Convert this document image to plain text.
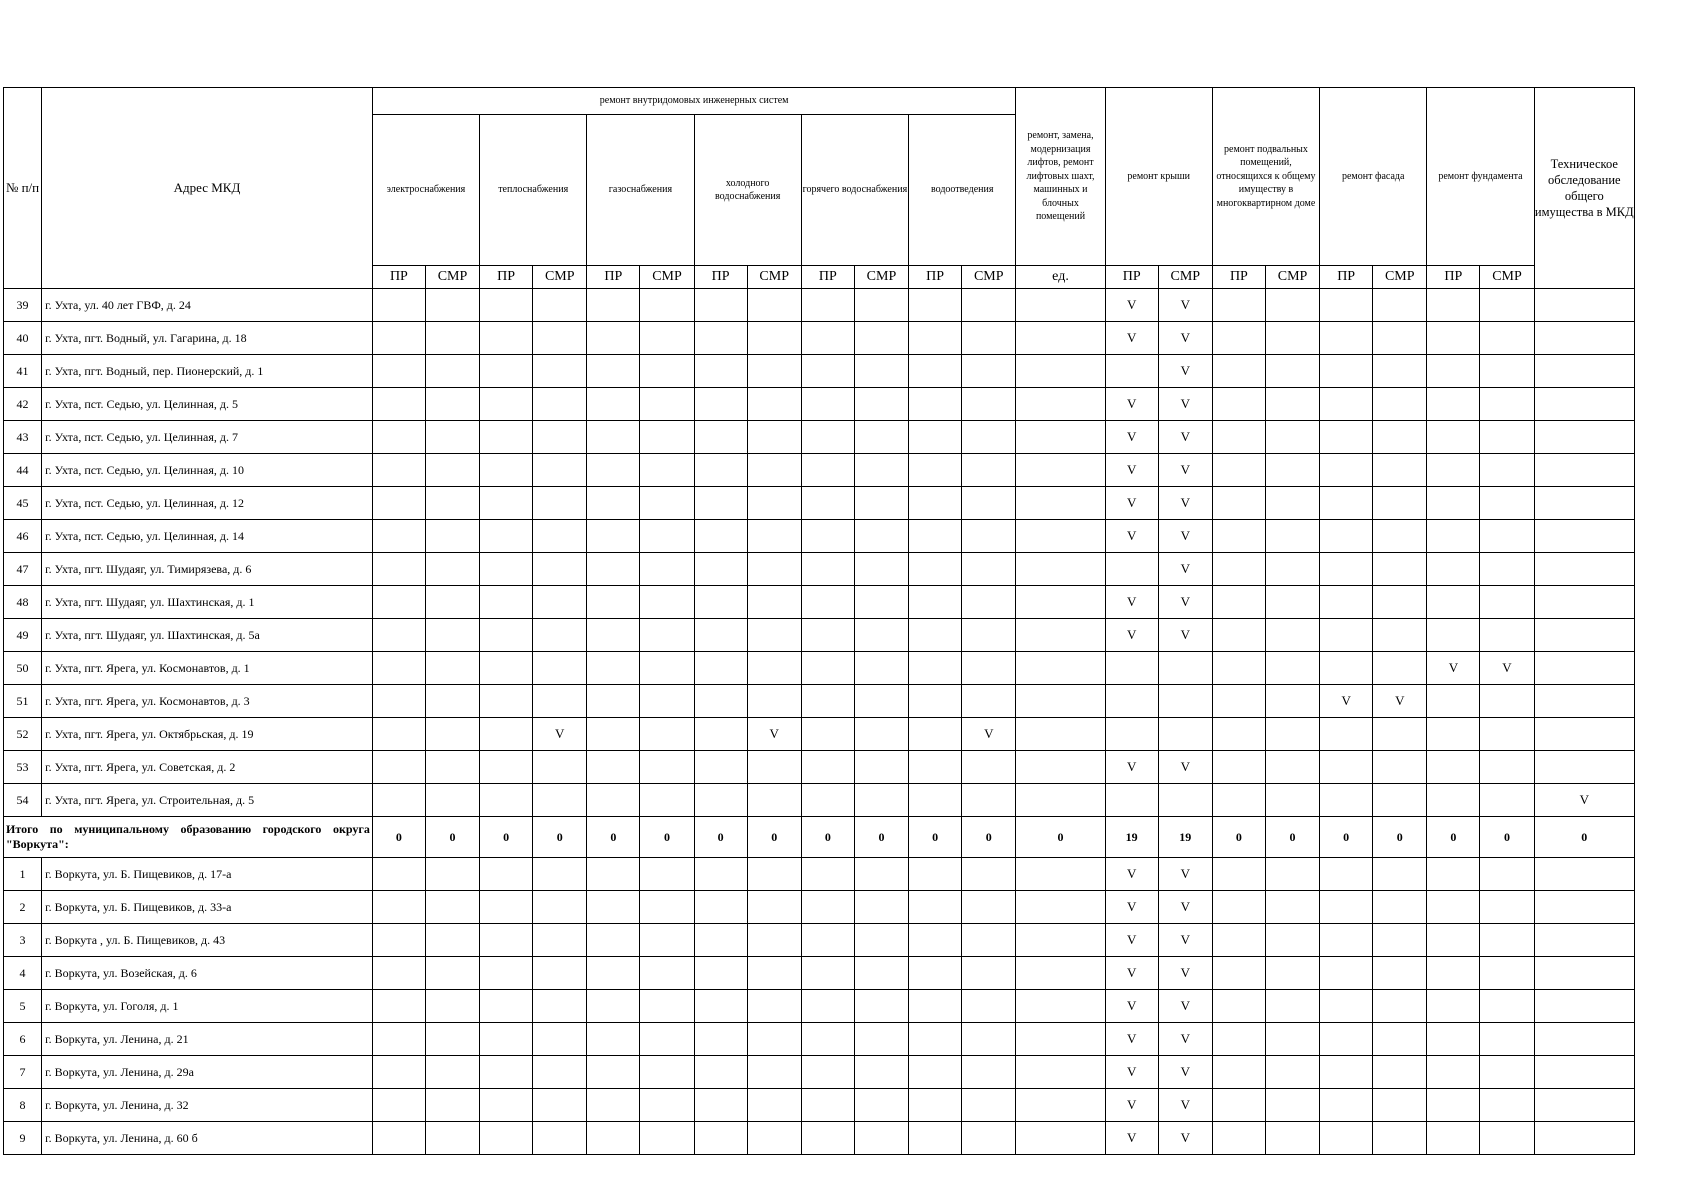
№ п/п	Адрес МКД	ремонт внутридомовых инженерных систем												ремонт, замена, модернизация лифтов, ремонт лифтовых шахт, машинных и блочных помещений	ремонт крыши		ремонт подвальных помещений, относящихся к общему имуществу в многоквартирном доме		ремонт фасада		ремонт фундамента		Техническое обследование общего имущества в МКД
		электроснабжения		теплоснабжения		газоснабжения		холодного водоснабжения		горячего водоснабжения		водоотведения											
		ПР	СМР	ПР	СМР	ПР	СМР	ПР	СМР	ПР	СМР	ПР	СМР	ед.	ПР	СМР	ПР	СМР	ПР	СМР	ПР	СМР	
39	г. Ухта, ул. 40 лет ГВФ, д. 24														V	V							
40	г. Ухта, пгт. Водный, ул. Гагарина, д. 18														V	V							
41	г. Ухта, пгт. Водный, пер. Пионерский, д. 1															V							
42	г. Ухта, пст. Седью, ул. Целинная, д. 5														V	V							
43	г. Ухта, пст. Седью, ул. Целинная, д. 7														V	V							
44	г. Ухта, пст. Седью, ул. Целинная, д. 10														V	V							
45	г. Ухта, пст. Седью, ул. Целинная, д. 12														V	V							
46	г. Ухта, пст. Седью, ул. Целинная, д. 14														V	V							
47	г. Ухта, пгт. Шудаяг, ул. Тимирязева, д. 6															V							
48	г. Ухта, пгт. Шудаяг, ул. Шахтинская, д. 1														V	V							
49	г. Ухта, пгт. Шудаяг, ул. Шахтинская, д. 5а														V	V							
50	г. Ухта, пгт. Ярега, ул. Космонавтов, д. 1																				V	V	
51	г. Ухта, пгт. Ярега, ул. Космонавтов, д. 3																		V	V			
52	г. Ухта, пгт. Ярега, ул. Октябрьская, д. 19				V				V				V										
53	г. Ухта, пгт. Ярега, ул. Советская, д. 2														V	V							
54	г. Ухта, пгт. Ярега, ул. Строительная, д. 5																						V
Итого по муниципальному образованию городского округа "Воркута":		0	0	0	0	0	0	0	0	0	0	0	0	0	19	19	0	0	0	0	0	0	0
1	г. Воркута, ул. Б. Пищевиков, д. 17-а														V	V							
2	г. Воркута, ул. Б. Пищевиков, д. 33-а														V	V							
3	г. Воркута , ул. Б. Пищевиков, д. 43														V	V							
4	г. Воркута, ул. Возейская, д. 6														V	V							
5	г. Воркута, ул. Гоголя, д. 1														V	V							
6	г. Воркута, ул. Ленина, д. 21														V	V							
7	г. Воркута, ул. Ленина, д. 29а														V	V							
8	г. Воркута, ул. Ленина, д. 32														V	V							
9	г. Воркута, ул. Ленина, д. 60 б														V	V							
